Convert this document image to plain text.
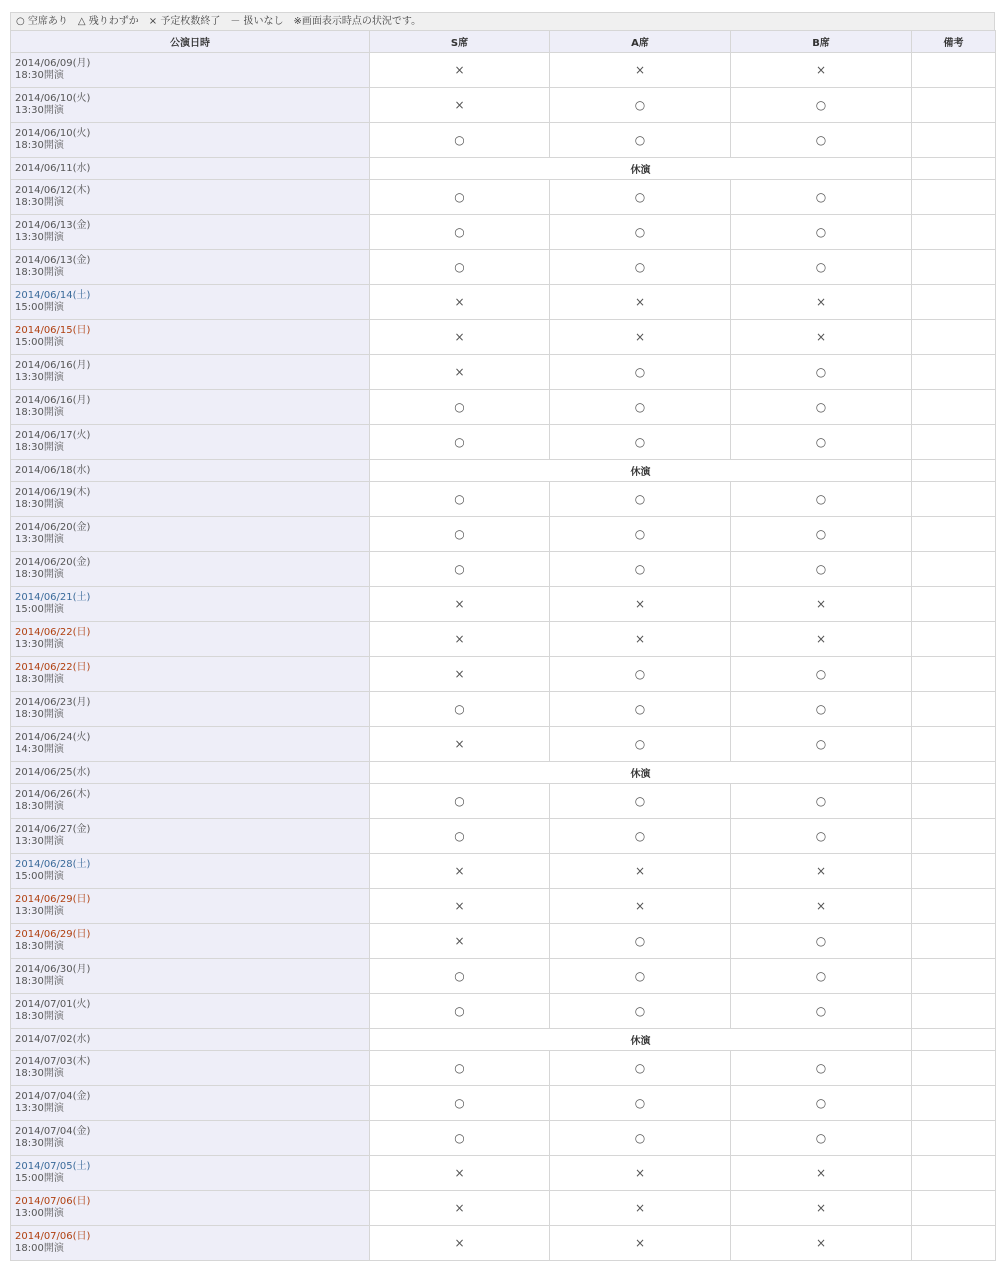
○ 空席あり　△ 残りわずか　× 予定枚数終了　－ 扱いなし　※画面表示時点の状況です。
公演日時	S席	A席	B席	備考
2014/06/09(月)
18:30開演	×	×	×	
2014/06/10(火)
13:30開演	×	○	○	
2014/06/10(火)
18:30開演	○	○	○	
2014/06/11(水)	休演			
2014/06/12(木)
18:30開演	○	○	○	
2014/06/13(金)
13:30開演	○	○	○	
2014/06/13(金)
18:30開演	○	○	○	
2014/06/14(土)
15:00開演	×	×	×	
2014/06/15(日)
15:00開演	×	×	×	
2014/06/16(月)
13:30開演	×	○	○	
2014/06/16(月)
18:30開演	○	○	○	
2014/06/17(火)
18:30開演	○	○	○	
2014/06/18(水)	休演			
2014/06/19(木)
18:30開演	○	○	○	
2014/06/20(金)
13:30開演	○	○	○	
2014/06/20(金)
18:30開演	○	○	○	
2014/06/21(土)
15:00開演	×	×	×	
2014/06/22(日)
13:30開演	×	×	×	
2014/06/22(日)
18:30開演	×	○	○	
2014/06/23(月)
18:30開演	○	○	○	
2014/06/24(火)
14:30開演	×	○	○	
2014/06/25(水)	休演			
2014/06/26(木)
18:30開演	○	○	○	
2014/06/27(金)
13:30開演	○	○	○	
2014/06/28(土)
15:00開演	×	×	×	
2014/06/29(日)
13:30開演	×	×	×	
2014/06/29(日)
18:30開演	×	○	○	
2014/06/30(月)
18:30開演	○	○	○	
2014/07/01(火)
18:30開演	○	○	○	
2014/07/02(水)	休演			
2014/07/03(木)
18:30開演	○	○	○	
2014/07/04(金)
13:30開演	○	○	○	
2014/07/04(金)
18:30開演	○	○	○	
2014/07/05(土)
15:00開演	×	×	×	
2014/07/06(日)
13:00開演	×	×	×	
2014/07/06(日)
18:00開演	×	×	×	
